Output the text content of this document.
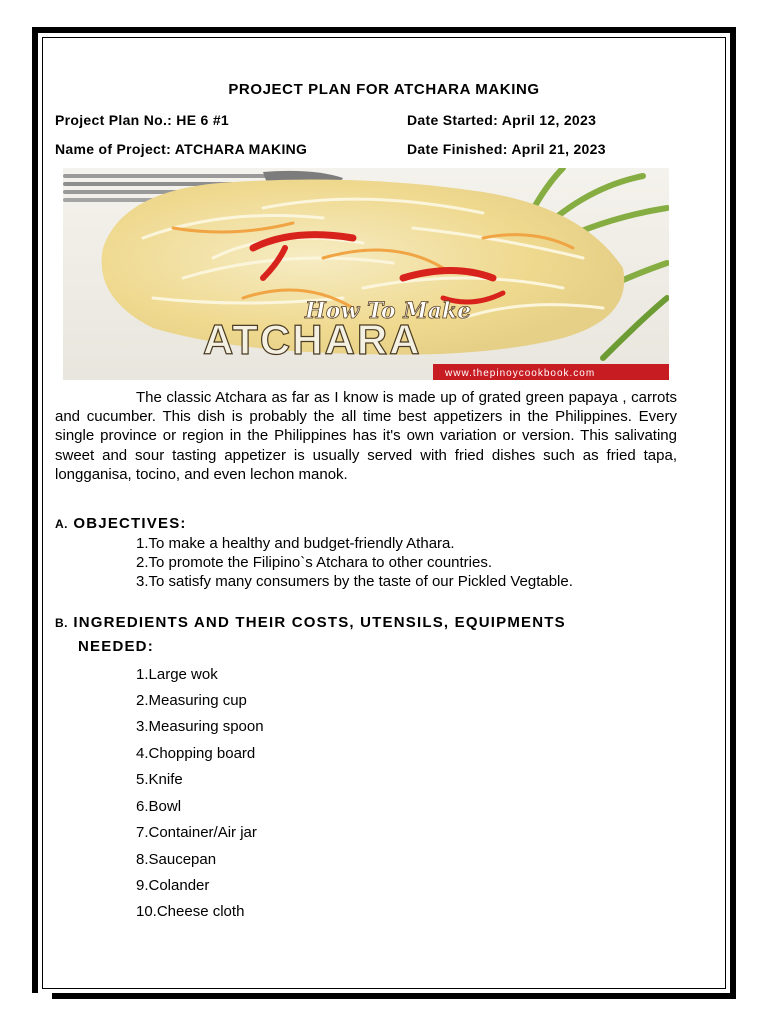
PROJECT PLAN FOR ATCHARA MAKING
Project Plan No.: HE 6 #1	Date Started: April 12, 2023
Name of Project: ATCHARA MAKING	Date Finished: April 21, 2023
How To Make
ATCHARA
www.thepinoycookbook.com
The classic Atchara as far as I know is made up of grated green papaya , carrots and cucumber. This dish is probably the all time best appetizers in the Philippines. Every single province or region in the Philippines has it's own variation or version. This salivating sweet and sour tasting appetizer is usually served with fried dishes such as fried tapa, longganisa, tocino, and even lechon manok.
A. OBJECTIVES:
1.To make a healthy and budget-friendly Athara.
2.To promote the Filipino`s Atchara to other countries.
3.To satisfy many consumers by the taste of our Pickled Vegtable.
B. INGREDIENTS AND THEIR COSTS, UTENSILS, EQUIPMENTS
NEEDED:
1.Large wok
2.Measuring cup
3.Measuring spoon
4.Chopping board
5.Knife
6.Bowl
7.Container/Air jar
8.Saucepan
9.Colander
10.Cheese cloth
